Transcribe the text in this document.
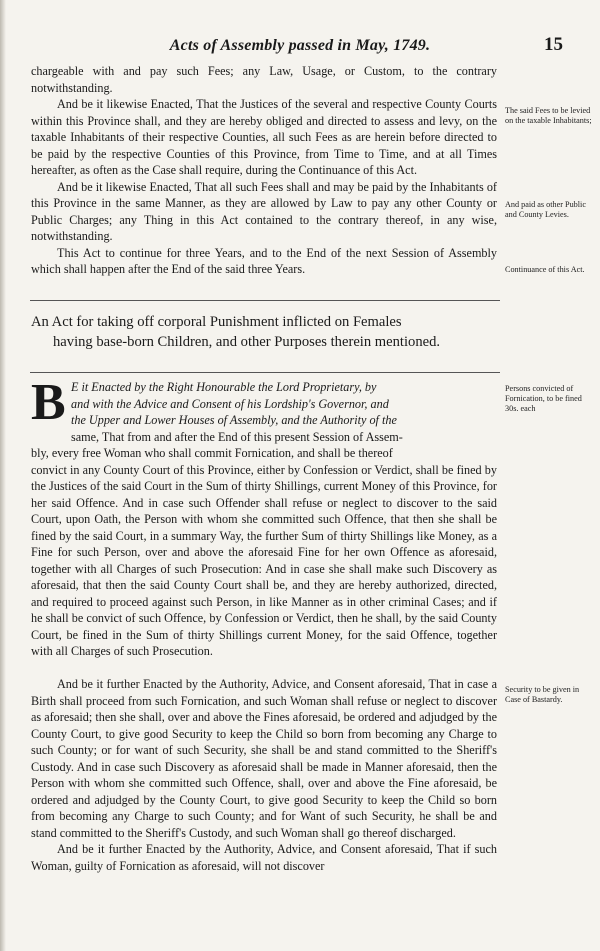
Acts of Assembly passed in May, 1749.	15

chargeable with and pay such Fees; any Law, Usage, or Custom, to the contrary notwithstanding.

And be it likewise Enacted, That the Justices of the several and respective County Courts within this Province shall, and they are hereby obliged and directed to assess and levy, on the taxable Inhabitants of their respective Counties, all such Fees as are herein before directed to be paid by the respective Counties of this Province, from Time to Time, and at all Times hereafter, as often as the Case shall require, during the Continuance of this Act.

And be it likewise Enacted, That all such Fees shall and may be paid by the Inhabitants of this Province in the same Manner, as they are allowed by Law to pay any other County or Public Charges; any Thing in this Act contained to the contrary thereof, in any wise, notwithstanding.

This Act to continue for three Years, and to the End of the next Session of Assembly which shall happen after the End of the said three Years.

The said Fees to be levied on the taxable Inhabitants;
And paid as other Public and County Levies.
Continuance of this Act.
An Act for taking off corporal Punishment inflicted on Females
having base-born Children, and other Purposes therein mentioned.
B E it Enacted by the Right Honourable the Lord Proprietary, by
and with the Advice and Consent of his Lordship's Governor, and
the Upper and Lower Houses of Assembly, and the Authority of the
same, That from and after the End of this present Session of Assem-
bly, every free Woman who shall commit Fornication, and shall be thereof
convict in any County Court of this Province, either by Confession or Verdict, shall be fined by the Justices of the said Court in the Sum of thirty Shillings, current Money of this Province, for her said Offence. And in case such Offender shall refuse or neglect to discover to the said Court, upon Oath, the Person with whom she committed such Offence, that then she shall be fined by the said Court, in a summary Way, the further Sum of thirty Shillings like Money, as a Fine for such Person, over and above the aforesaid Fine for her own Offence as aforesaid, together with all Charges of such Prosecution: And in case she shall make such Discovery as aforesaid, that then the said County Court shall be, and they are hereby authorized, directed, and required to proceed against such Person, in like Manner as in other criminal Cases; and if he shall be convict of such Offence, by Confession or Verdict, then he shall, by the said County Court, be fined in the Sum of thirty Shillings current Money, for the said Offence, together with all Charges of such Prosecution.
Persons convicted of Fornication, to be fined 30s. each

And be it further Enacted by the Authority, Advice, and Consent aforesaid, That in case a Birth shall proceed from such Fornication, and such Woman shall refuse or neglect to discover as aforesaid; then she shall, over and above the Fines aforesaid, be ordered and adjudged by the County Court, to give good Security to keep the Child so born from becoming any Charge to such County; or for want of such Security, she shall be and stand committed to the Sheriff's Custody. And in case such Discovery as aforesaid shall be made in Manner aforesaid, then the Person with whom she committed such Offence, shall, over and above the Fine aforesaid, be ordered and adjudged by the County Court, to give good Security to keep the Child so born from becoming any Charge to such County; and for Want of such Security, he shall be and stand committed to the Sheriff's Custody, and such Woman shall go thereof discharged.

And be it further Enacted by the Authority, Advice, and Consent aforesaid, That if such Woman, guilty of Fornication as aforesaid, will not discover

Security to be given in Case of Bastardy.
